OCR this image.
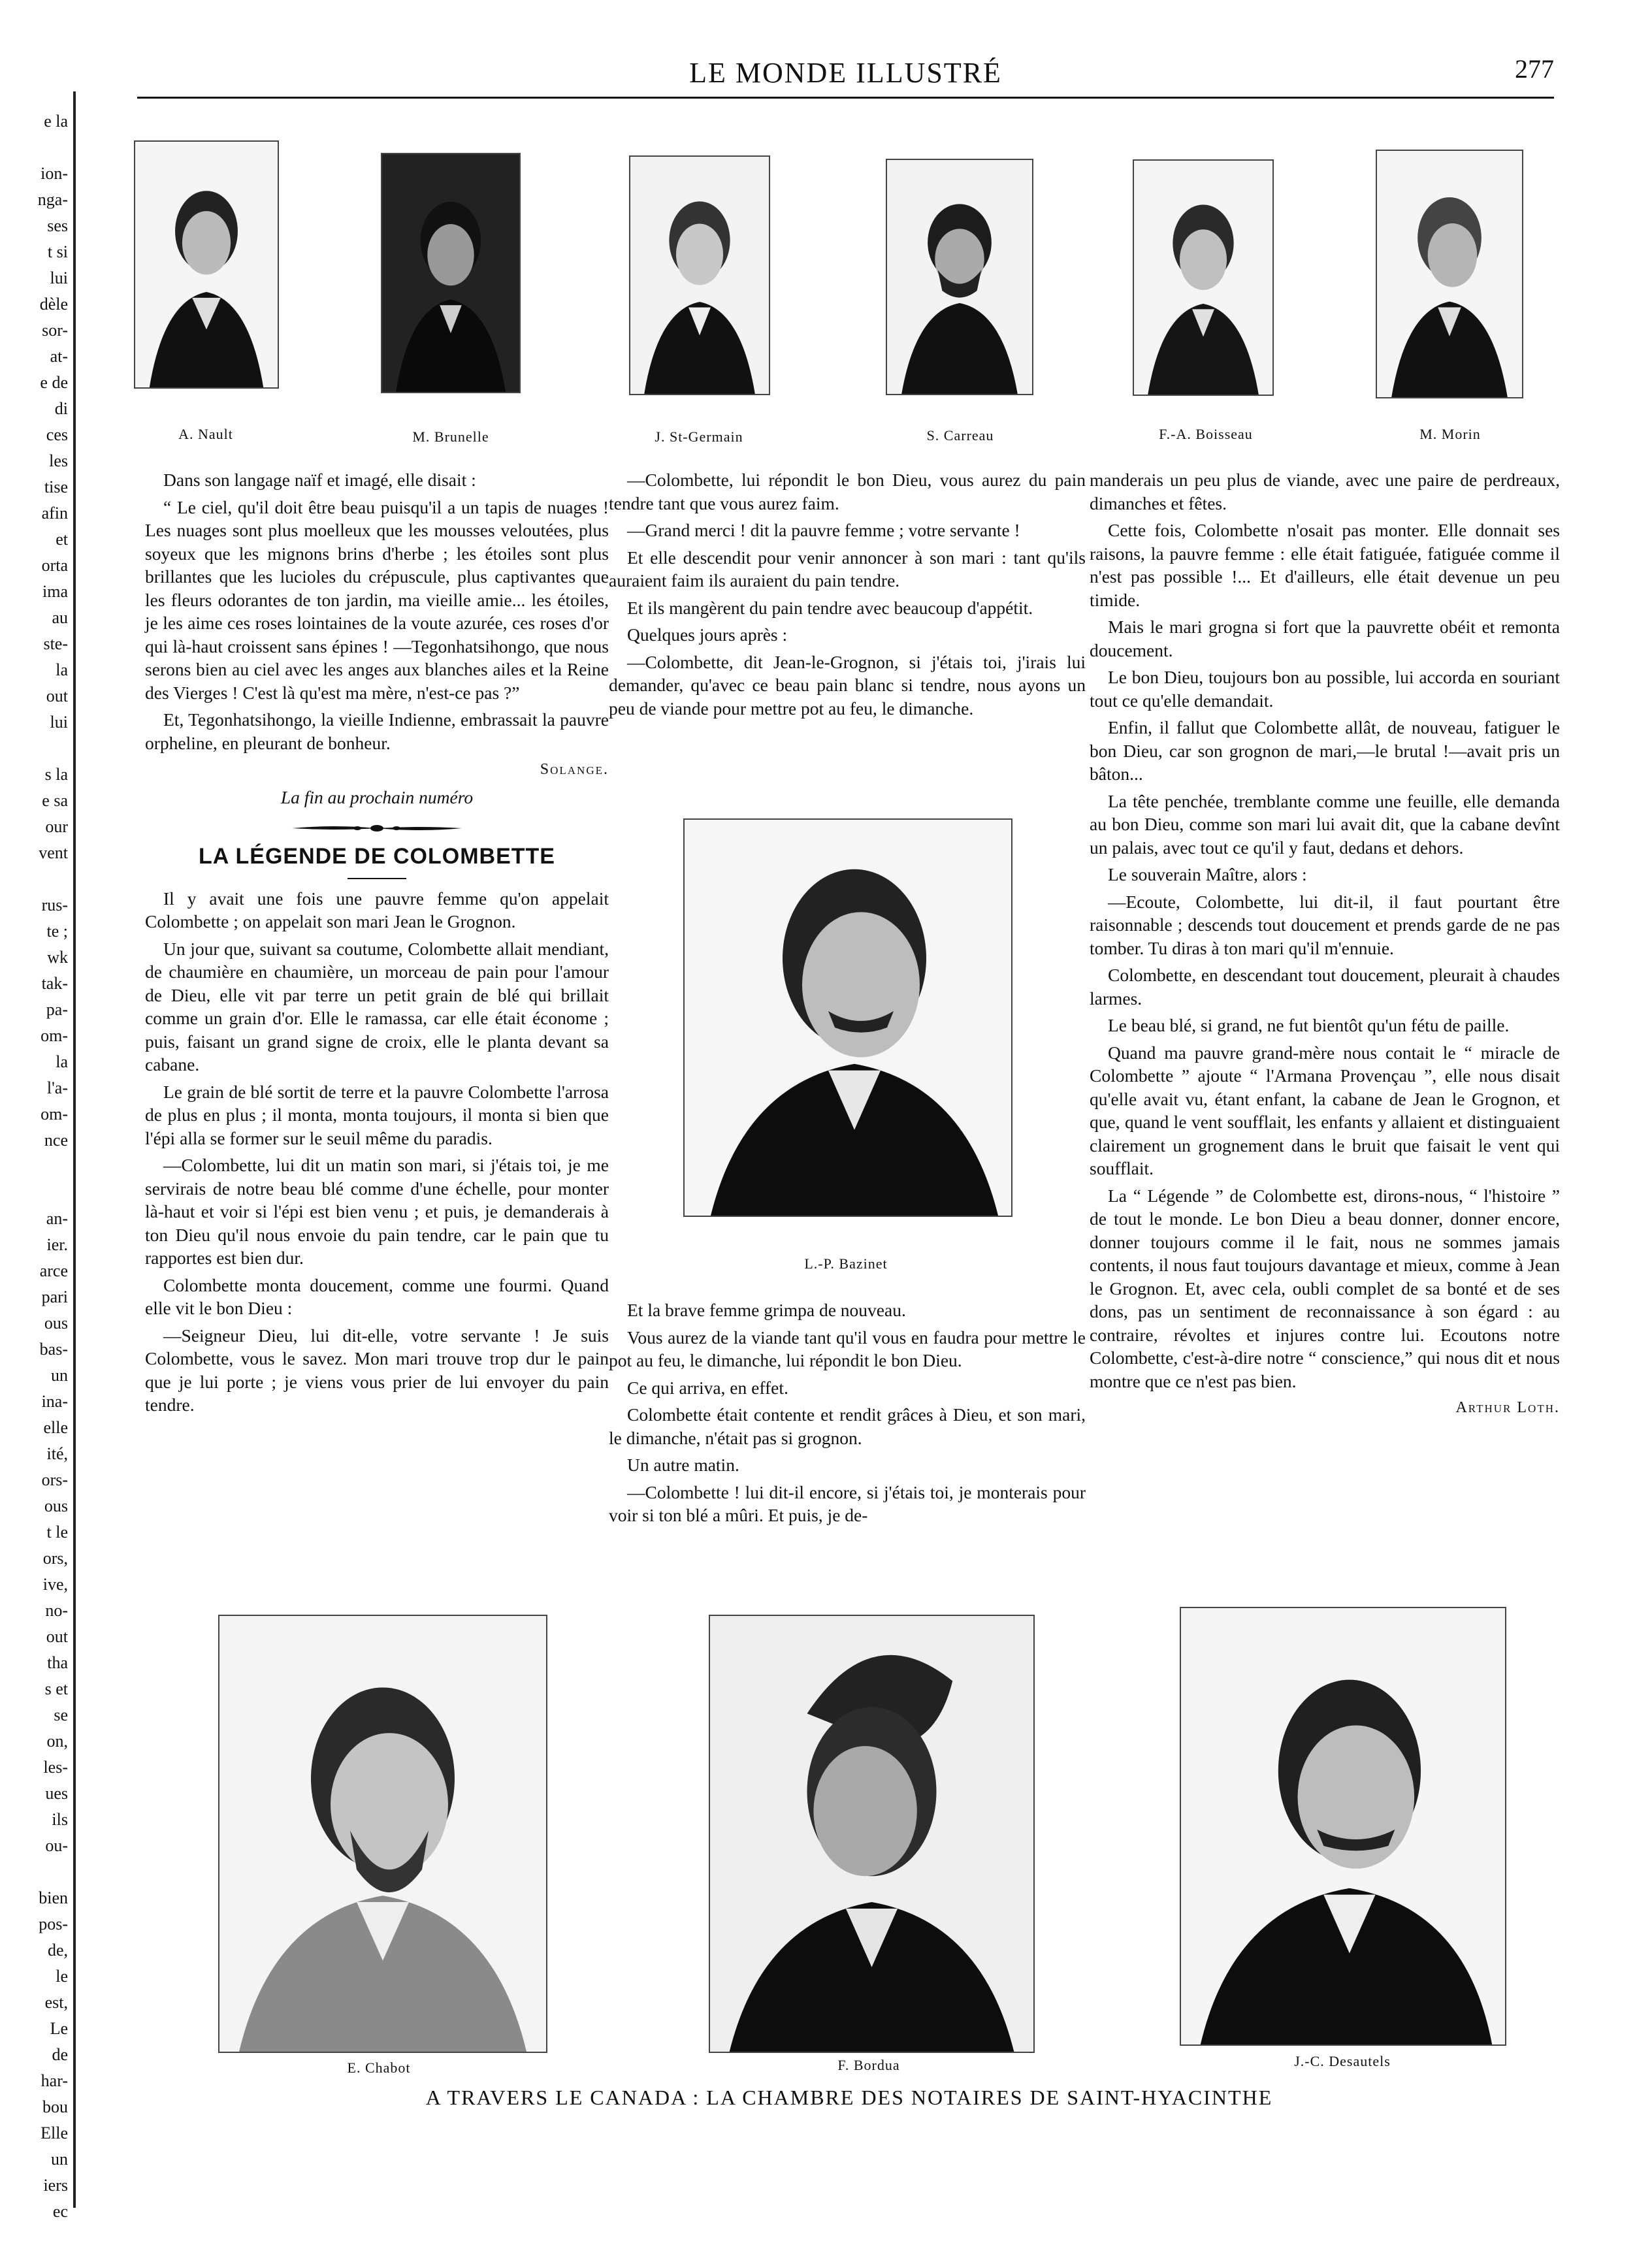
e la
ion-
nga-
ses
t si
lui
dèle
sor-
at-
e de
di
ces
les
tise
afin
et
orta
ima
au
ste-
la
out
lui
s la
e sa
our
vent
rus-
te ;
wk
tak-
pa-
om-
la
l'a-
om-
nce
an-
ier.
arce
pari
ous
bas-
un
ina-
elle
ité,
ors-
ous
t le
ors,
ive,
no-
out
tha
s et
se
on,
les-
ues
ils
ou-
bien
pos-
de,
le
est,
Le
de
har-
bou
Elle
un
iers
ec
LE MONDE ILLUSTRÉ	277
A. Nault	M. Brunelle	J. St-Germain	S. Carreau	F.-A. Boisseau	M. Morin

Dans son langage naïf et imagé, elle disait :

“ Le ciel, qu'il doit être beau puisqu'il a un tapis de nuages ! Les nuages sont plus moelleux que les mousses veloutées, plus soyeux que les mignons brins d'herbe ; les étoiles sont plus brillantes que les lucioles du crépuscule, plus captivantes que les fleurs odorantes de ton jardin, ma vieille amie... les étoiles, je les aime ces roses lointaines de la voute azurée, ces roses d'or qui là-haut croissent sans épines ! —Tegonhatsihongo, que nous serons bien au ciel avec les anges aux blanches ailes et la Reine des Vierges ! C'est là qu'est ma mère, n'est-ce pas ?”

Et, Tegonhatsihongo, la vieille Indienne, embrassait la pauvre orpheline, en pleurant de bonheur.

Solange.

La fin au prochain numéro

LA LÉGENDE DE COLOMBETTE

Il y avait une fois une pauvre femme qu'on appelait Colombette ; on appelait son mari Jean le Grognon.

Un jour que, suivant sa coutume, Colombette allait mendiant, de chaumière en chaumière, un morceau de pain pour l'amour de Dieu, elle vit par terre un petit grain de blé qui brillait comme un grain d'or. Elle le ramassa, car elle était économe ; puis, faisant un grand signe de croix, elle le planta devant sa cabane.

Le grain de blé sortit de terre et la pauvre Colombette l'arrosa de plus en plus ; il monta, monta toujours, il monta si bien que l'épi alla se former sur le seuil même du paradis.

—Colombette, lui dit un matin son mari, si j'étais toi, je me servirais de notre beau blé comme d'une échelle, pour monter là-haut et voir si l'épi est bien venu ; et puis, je demanderais à ton Dieu qu'il nous envoie du pain tendre, car le pain que tu rapportes est bien dur.

Colombette monta doucement, comme une fourmi. Quand elle vit le bon Dieu :

—Seigneur Dieu, lui dit-elle, votre servante ! Je suis Colombette, vous le savez. Mon mari trouve trop dur le pain que je lui porte ; je viens vous prier de lui envoyer du pain tendre.

—Colombette, lui répondit le bon Dieu, vous aurez du pain tendre tant que vous aurez faim.

—Grand merci ! dit la pauvre femme ; votre servante !

Et elle descendit pour venir annoncer à son mari : tant qu'ils auraient faim ils auraient du pain tendre.

Et ils mangèrent du pain tendre avec beaucoup d'appétit.

Quelques jours après :

—Colombette, dit Jean-le-Grognon, si j'étais toi, j'irais lui demander, qu'avec ce beau pain blanc si tendre, nous ayons un peu de viande pour mettre pot au feu, le dimanche.

L.-P. Bazinet

Et la brave femme grimpa de nouveau.

Vous aurez de la viande tant qu'il vous en faudra pour mettre le pot au feu, le dimanche, lui répondit le bon Dieu.

Ce qui arriva, en effet.

Colombette était contente et rendit grâces à Dieu, et son mari, le dimanche, n'était pas si grognon.

Un autre matin.

—Colombette ! lui dit-il encore, si j'étais toi, je monterais pour voir si ton blé a mûri. Et puis, je de-

manderais un peu plus de viande, avec une paire de perdreaux, dimanches et fêtes.

Cette fois, Colombette n'osait pas monter. Elle donnait ses raisons, la pauvre femme : elle était fatiguée, fatiguée comme il n'est pas possible !... Et d'ailleurs, elle était devenue un peu timide.

Mais le mari grogna si fort que la pauvrette obéit et remonta doucement.

Le bon Dieu, toujours bon au possible, lui accorda en souriant tout ce qu'elle demandait.

Enfin, il fallut que Colombette allât, de nouveau, fatiguer le bon Dieu, car son grognon de mari,—le brutal !—avait pris un bâton...

La tête penchée, tremblante comme une feuille, elle demanda au bon Dieu, comme son mari lui avait dit, que la cabane devînt un palais, avec tout ce qu'il y faut, dedans et dehors.

Le souverain Maître, alors :

—Ecoute, Colombette, lui dit-il, il faut pourtant être raisonnable ; descends tout doucement et prends garde de ne pas tomber. Tu diras à ton mari qu'il m'ennuie.

Colombette, en descendant tout doucement, pleurait à chaudes larmes.

Le beau blé, si grand, ne fut bientôt qu'un fétu de paille.

Quand ma pauvre grand-mère nous contait le “ miracle de Colombette ” ajoute “ l'Armana Provençau ”, elle nous disait qu'elle avait vu, étant enfant, la cabane de Jean le Grognon, et que, quand le vent soufflait, les enfants y allaient et distinguaient clairement un grognement dans le bruit que faisait le vent qui soufflait.

La “ Légende ” de Colombette est, dirons-nous, “ l'histoire ” de tout le monde. Le bon Dieu a beau donner, donner encore, donner toujours comme il le fait, nous ne sommes jamais contents, il nous faut toujours davantage et mieux, comme à Jean le Grognon. Et, avec cela, oubli complet de sa bonté et de ses dons, pas un sentiment de reconnaissance à son égard : au contraire, révoltes et injures contre lui. Ecoutons notre Colombette, c'est-à-dire notre “ conscience,” qui nous dit et nous montre que ce n'est pas bien.

Arthur Loth.

E. Chabot	F. Bordua	J.-C. Desautels
A TRAVERS LE CANADA : LA CHAMBRE DES NOTAIRES DE SAINT-HYACINTHE
